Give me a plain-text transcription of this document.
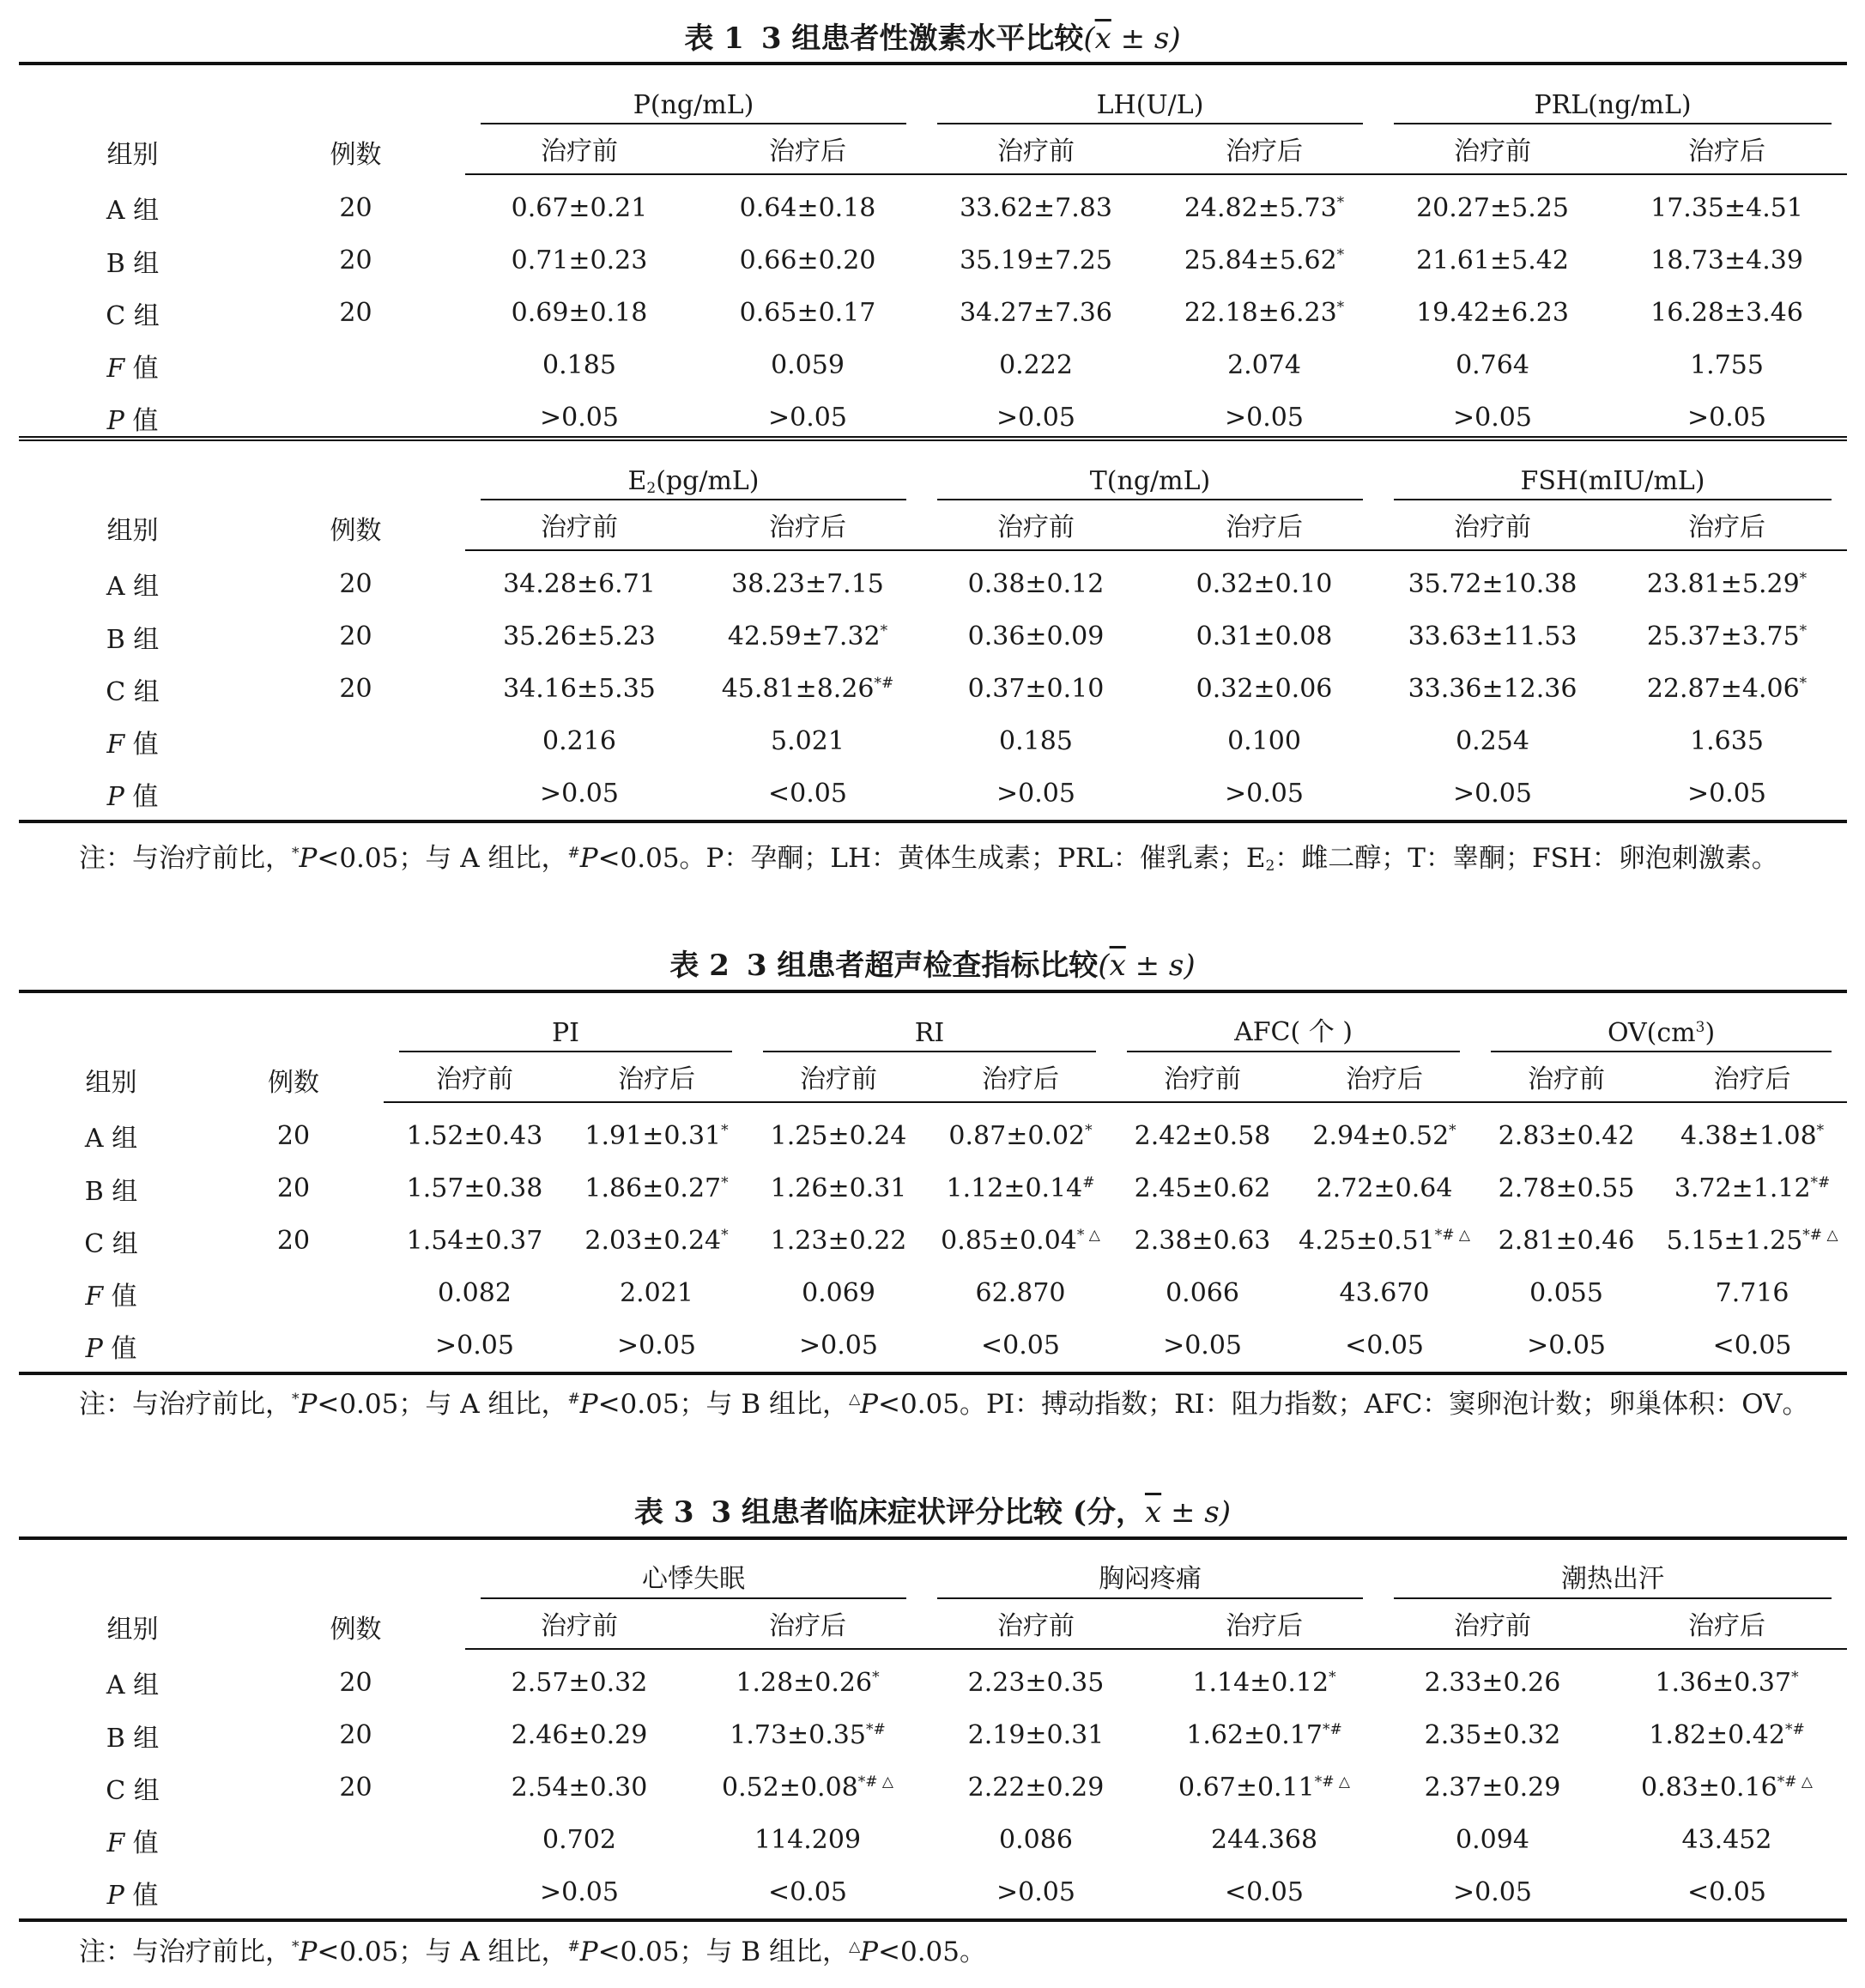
表 1 3 组患者性激素水平比较$(\overline{x} \pm s)$
组别	例数	P(ng/mL)		LH(U/L)		PRL(ng/mL)	
		治疗前	治疗后	治疗前	治疗后	治疗前	治疗后
A 组	20	0.67±0.21	0.64±0.18	33.62±7.83	24.82±5.73*	20.27±5.25	17.35±4.51
B 组	20	0.71±0.23	0.66±0.20	35.19±7.25	25.84±5.62*	21.61±5.42	18.73±4.39
C 组	20	0.69±0.18	0.65±0.17	34.27±7.36	22.18±6.23*	19.42±6.23	16.28±3.46
F 值		0.185	0.059	0.222	2.074	0.764	1.755
P 值		>0.05	>0.05	>0.05	>0.05	>0.05	>0.05
组别	例数	$E_2(pg/mL)$		T(ng/mL)		FSH(mIU/mL)	
		治疗前	治疗后	治疗前	治疗后	治疗前	治疗后
A 组	20	34.28±6.71	38.23±7.15	0.38±0.12	0.32±0.10	35.72±10.38	23.81±5.29*
B 组	20	35.26±5.23	42.59±7.32*	0.36±0.09	0.31±0.08	33.63±11.53	25.37±3.75*
C 组	20	34.16±5.35	45.81±8.26*#	0.37±0.10	0.32±0.06	33.36±12.36	22.87±4.06*
F 值		0.216	5.021	0.185	0.100	0.254	1.635
P 值		>0.05	<0.05	>0.05	>0.05	>0.05	>0.05
注：与治疗前比，*P<0.05；与 A 组比，#P<0.05。P：孕酮；LH：黄体生成素；PRL：催乳素；$E_2$：雌二醇；T：睾酮；FSH：卵泡刺激素。
表 2 3 组患者超声检查指标比较$(\overline{x} \pm s)$
组别	例数	PI		RI		AFC( 个 )		$OV(cm^3)$	
		治疗前	治疗后	治疗前	治疗后	治疗前	治疗后	治疗前	治疗后
A 组	20	1.52±0.43	1.91±0.31*	1.25±0.24	0.87±0.02*	2.42±0.58	2.94±0.52*	2.83±0.42	4.38±1.08*
B 组	20	1.57±0.38	1.86±0.27*	1.26±0.31	1.12±0.14#	2.45±0.62	2.72±0.64	2.78±0.55	3.72±1.12*#
C 组	20	1.54±0.37	2.03±0.24*	1.23±0.22	0.85±0.04* △	2.38±0.63	4.25±0.51*# △	2.81±0.46	5.15±1.25*# △
F 值		0.082	2.021	0.069	62.870	0.066	43.670	0.055	7.716
P 值		>0.05	>0.05	>0.05	<0.05	>0.05	<0.05	>0.05	<0.05
注：与治疗前比，*P<0.05；与 A 组比，#P<0.05；与 B 组比，△P<0.05。PI：搏动指数；RI：阻力指数；AFC：窦卵泡计数；卵巢体积：OV。
表 3 3 组患者临床症状评分比较 (分，$\overline{x} \pm s$)
组别	例数	心悸失眠		胸闷疼痛		潮热出汗	
		治疗前	治疗后	治疗前	治疗后	治疗前	治疗后
A 组	20	2.57±0.32	1.28±0.26*	2.23±0.35	1.14±0.12*	2.33±0.26	1.36±0.37*
B 组	20	2.46±0.29	1.73±0.35*#	2.19±0.31	1.62±0.17*#	2.35±0.32	1.82±0.42*#
C 组	20	2.54±0.30	0.52±0.08*# △	2.22±0.29	0.67±0.11*# △	2.37±0.29	0.83±0.16*# △
F 值		0.702	114.209	0.086	244.368	0.094	43.452
P 值		>0.05	<0.05	>0.05	<0.05	>0.05	<0.05
注：与治疗前比，*P<0.05；与 A 组比，#P<0.05；与 B 组比，△P<0.05。
